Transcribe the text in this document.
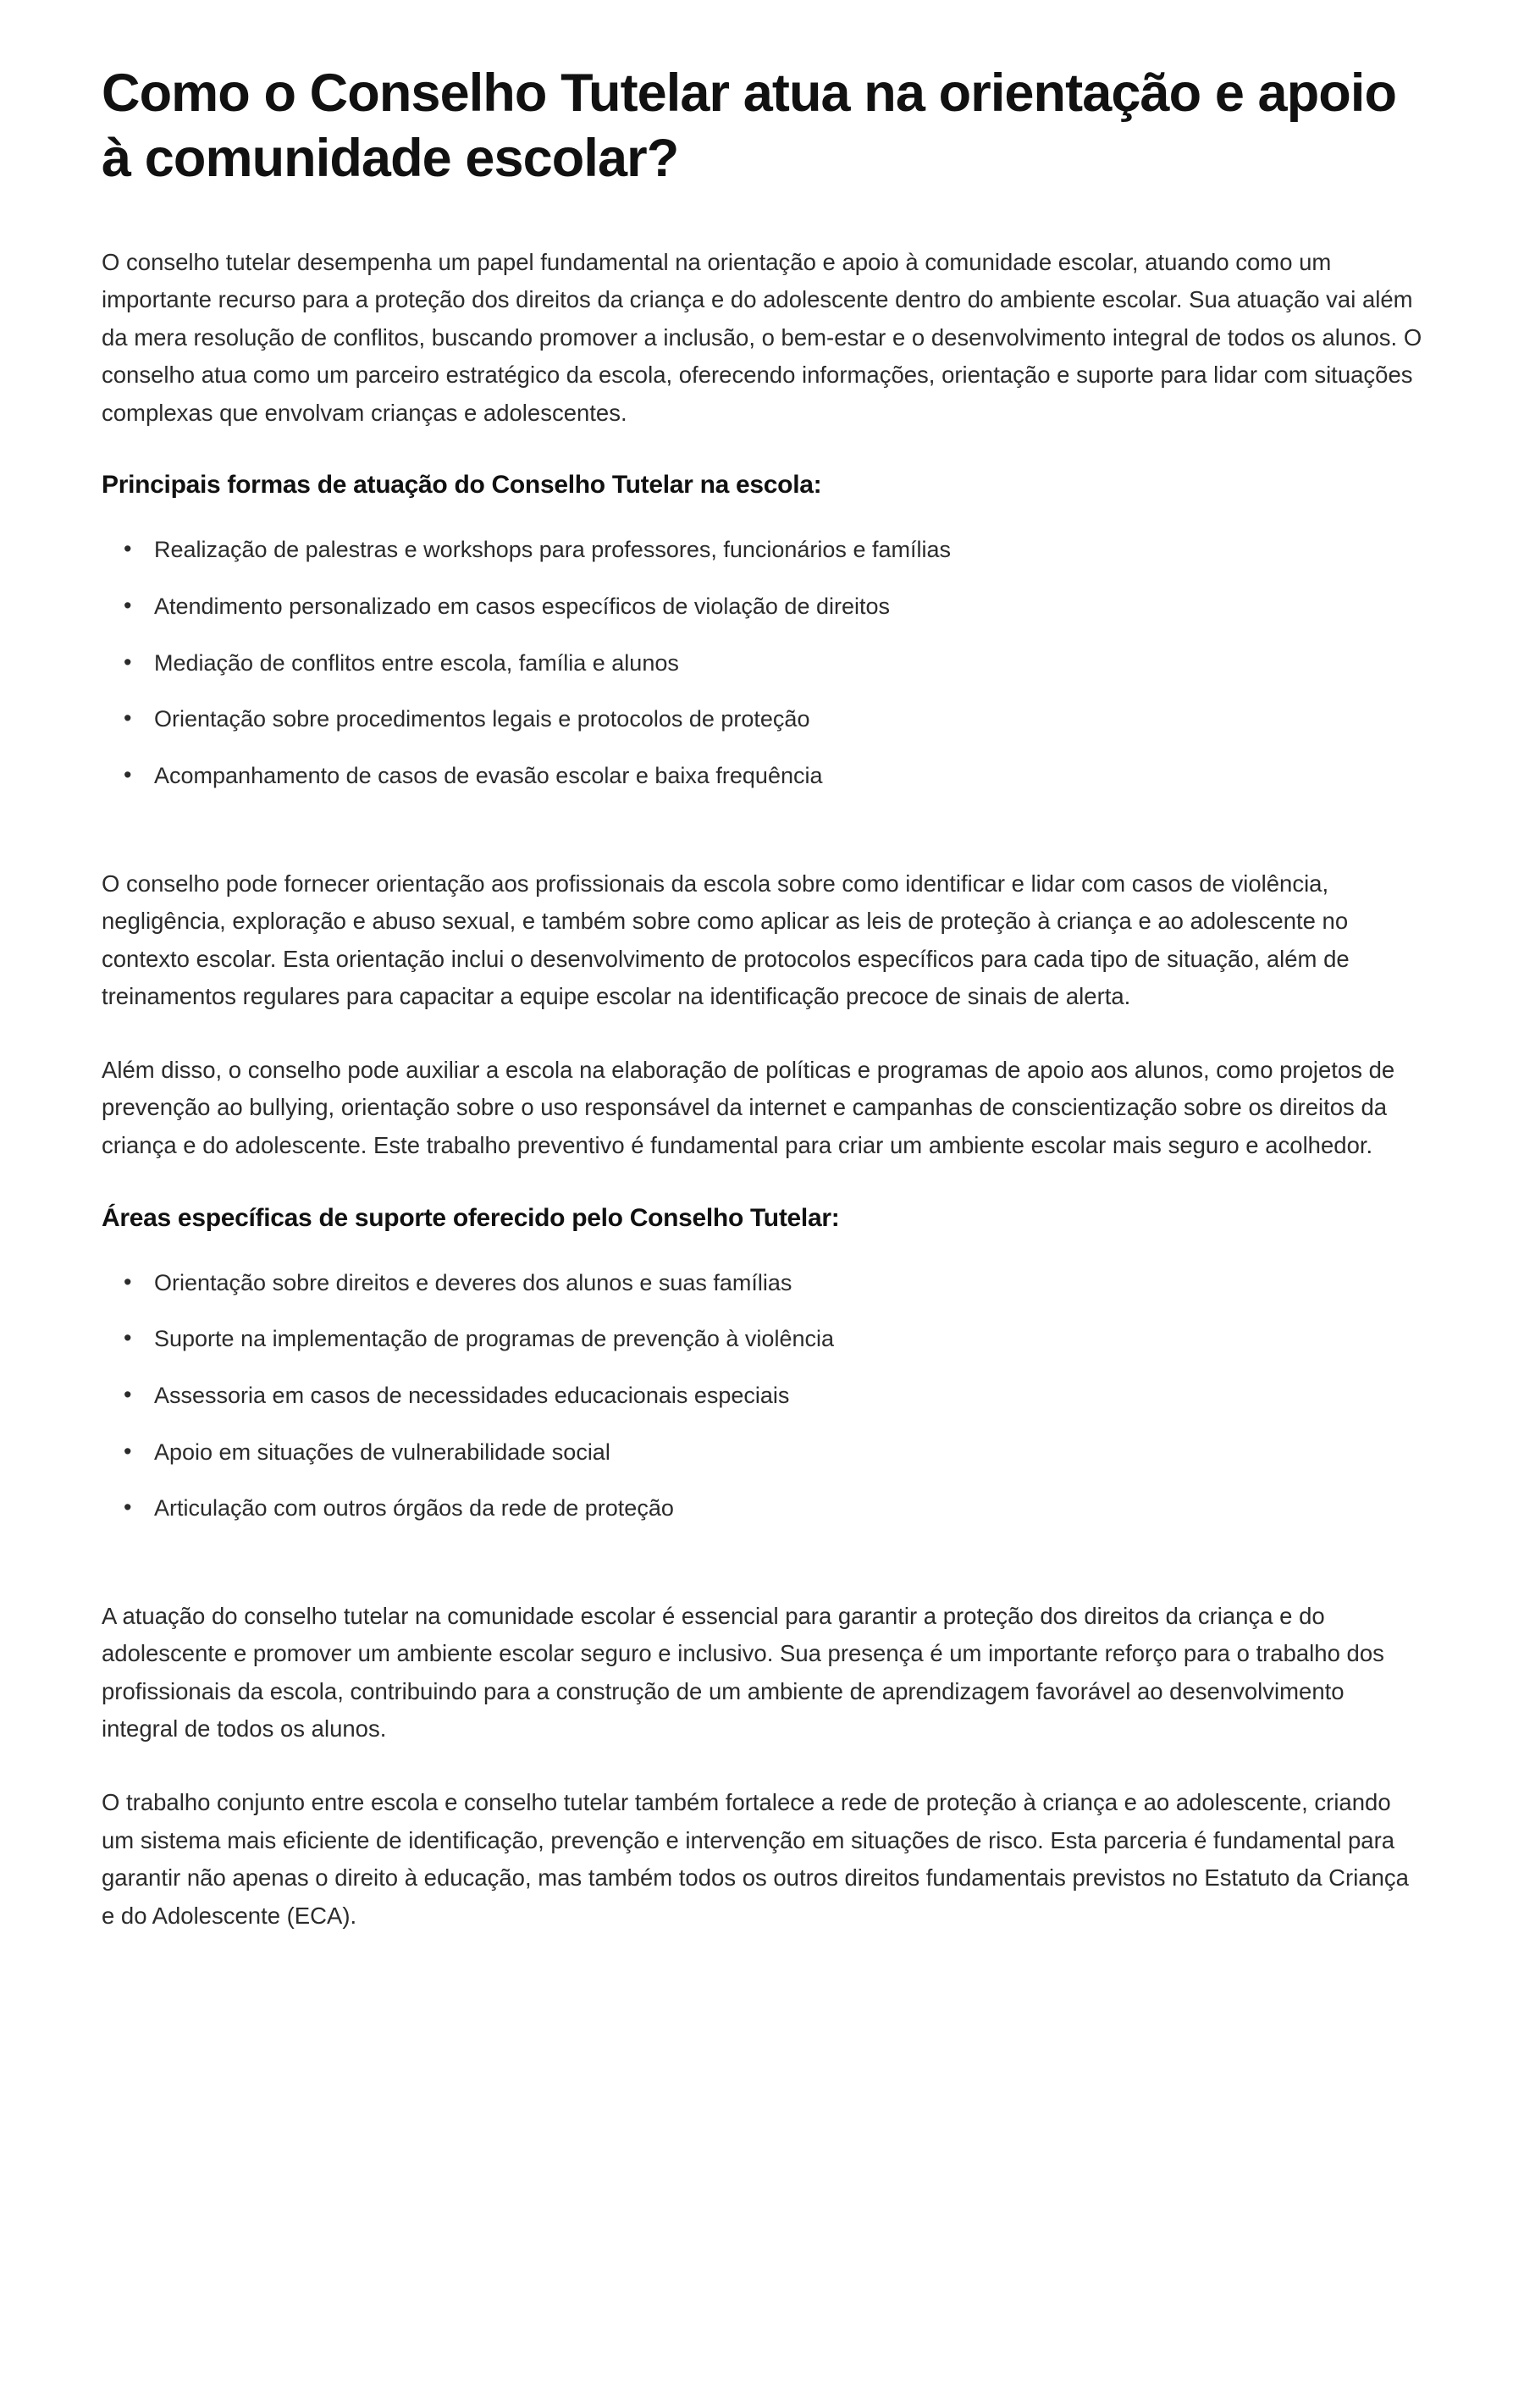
Como o Conselho Tutelar atua na orientação e apoio à comunidade escolar?

O conselho tutelar desempenha um papel fundamental na orientação e apoio à comunidade escolar, atuando como um importante recurso para a proteção dos direitos da criança e do adolescente dentro do ambiente escolar. Sua atuação vai além da mera resolução de conflitos, buscando promover a inclusão, o bem-estar e o desenvolvimento integral de todos os alunos. O conselho atua como um parceiro estratégico da escola, oferecendo informações, orientação e suporte para lidar com situações complexas que envolvam crianças e adolescentes.

Principais formas de atuação do Conselho Tutelar na escola:
• Realização de palestras e workshops para professores, funcionários e famílias
• Atendimento personalizado em casos específicos de violação de direitos
• Mediação de conflitos entre escola, família e alunos
• Orientação sobre procedimentos legais e protocolos de proteção
• Acompanhamento de casos de evasão escolar e baixa frequência

O conselho pode fornecer orientação aos profissionais da escola sobre como identificar e lidar com casos de violência, negligência, exploração e abuso sexual, e também sobre como aplicar as leis de proteção à criança e ao adolescente no contexto escolar. Esta orientação inclui o desenvolvimento de protocolos específicos para cada tipo de situação, além de treinamentos regulares para capacitar a equipe escolar na identificação precoce de sinais de alerta.

Além disso, o conselho pode auxiliar a escola na elaboração de políticas e programas de apoio aos alunos, como projetos de prevenção ao bullying, orientação sobre o uso responsável da internet e campanhas de conscientização sobre os direitos da criança e do adolescente. Este trabalho preventivo é fundamental para criar um ambiente escolar mais seguro e acolhedor.

Áreas específicas de suporte oferecido pelo Conselho Tutelar:
• Orientação sobre direitos e deveres dos alunos e suas famílias
• Suporte na implementação de programas de prevenção à violência
• Assessoria em casos de necessidades educacionais especiais
• Apoio em situações de vulnerabilidade social
• Articulação com outros órgãos da rede de proteção

A atuação do conselho tutelar na comunidade escolar é essencial para garantir a proteção dos direitos da criança e do adolescente e promover um ambiente escolar seguro e inclusivo. Sua presença é um importante reforço para o trabalho dos profissionais da escola, contribuindo para a construção de um ambiente de aprendizagem favorável ao desenvolvimento integral de todos os alunos.

O trabalho conjunto entre escola e conselho tutelar também fortalece a rede de proteção à criança e ao adolescente, criando um sistema mais eficiente de identificação, prevenção e intervenção em situações de risco. Esta parceria é fundamental para garantir não apenas o direito à educação, mas também todos os outros direitos fundamentais previstos no Estatuto da Criança e do Adolescente (ECA).
